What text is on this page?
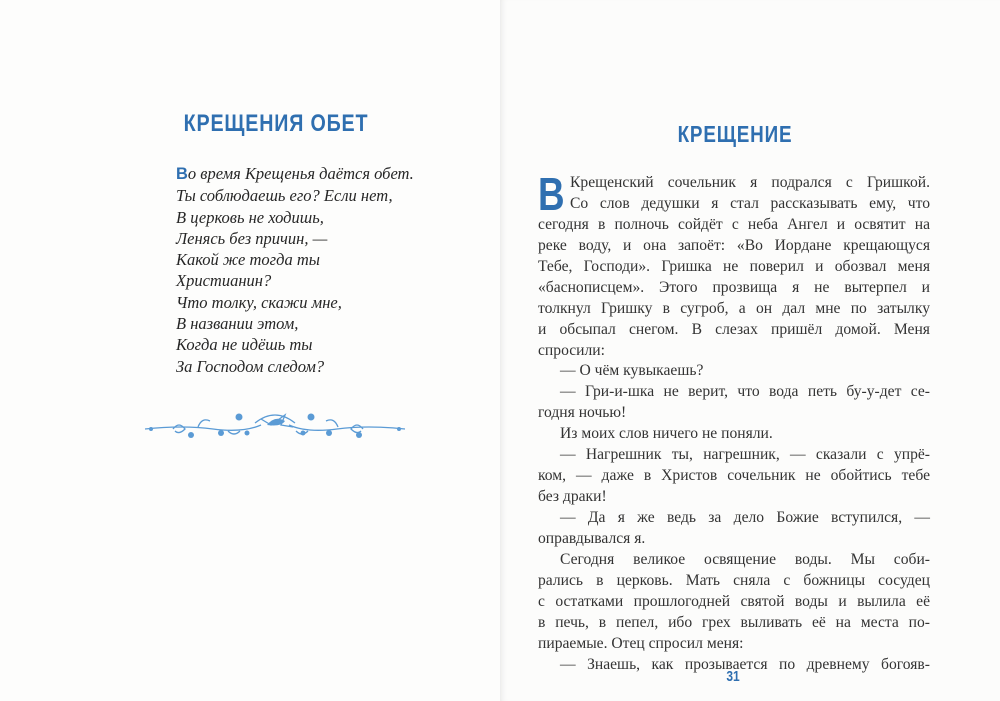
КРЕЩЕНИЯ ОБЕТ
Во время Крещенья даётся обет.
Ты соблюдаешь его? Если нет,
В церковь не ходишь,
Ленясь без причин, —
Какой же тогда ты
Христианин?
Что толку, скажи мне,
В названии этом,
Когда не идёшь ты
За Господом следом?
КРЕЩЕНИЕ
В Крещенский сочельник я подрался с Гришкой.
Со слов дедушки я стал рассказывать ему, что
сегодня в полночь сойдёт с неба Ангел и освятит на
реке воду, и она запоёт: «Во Иордане крещающуся
Тебе, Господи». Гришка не поверил и обозвал меня
«баснописцем». Этого прозвища я не вытерпел и
толкнул Гришку в сугроб, а он дал мне по затылку
и обсыпал снегом. В слезах пришёл домой. Меня
спросили:
— О чём кувыкаешь?
— Гри-и-шка не верит, что вода петь бу-у-дет се-
годня ночью!
Из моих слов ничего не поняли.
— Нагрешник ты, нагрешник, — сказали с упрё-
ком, — даже в Христов сочельник не обойтись тебе
без драки!
— Да я же ведь за дело Божие вступился, —
оправдывался я.
Сегодня великое освящение воды. Мы соби-
рались в церковь. Мать сняла с божницы сосудец
с остатками прошлогодней святой воды и вылила её
в печь, в пепел, ибо грех выливать её на места по-
пираемые. Отец спросил меня:
— Знаешь, как прозывается по древнему богояв-
31
